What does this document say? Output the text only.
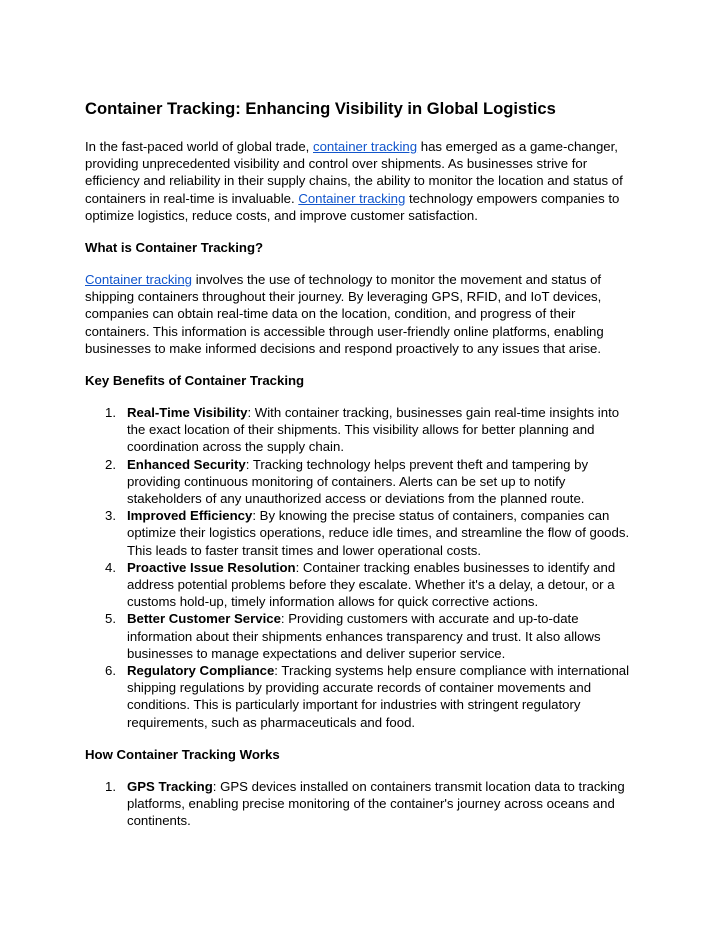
Container Tracking: Enhancing Visibility in Global Logistics

In the fast-paced world of global trade, container tracking has emerged as a game-changer, providing unprecedented visibility and control over shipments. As businesses strive for efficiency and reliability in their supply chains, the ability to monitor the location and status of containers in real-time is invaluable. Container tracking technology empowers companies to optimize logistics, reduce costs, and improve customer satisfaction.

What is Container Tracking?

Container tracking involves the use of technology to monitor the movement and status of shipping containers throughout their journey. By leveraging GPS, RFID, and IoT devices, companies can obtain real-time data on the location, condition, and progress of their containers. This information is accessible through user-friendly online platforms, enabling businesses to make informed decisions and respond proactively to any issues that arise.

Key Benefits of Container Tracking
1. Real-Time Visibility: With container tracking, businesses gain real-time insights into the exact location of their shipments. This visibility allows for better planning and coordination across the supply chain.
2. Enhanced Security: Tracking technology helps prevent theft and tampering by providing continuous monitoring of containers. Alerts can be set up to notify stakeholders of any unauthorized access or deviations from the planned route.
3. Improved Efficiency: By knowing the precise status of containers, companies can optimize their logistics operations, reduce idle times, and streamline the flow of goods. This leads to faster transit times and lower operational costs.
4. Proactive Issue Resolution: Container tracking enables businesses to identify and address potential problems before they escalate. Whether it's a delay, a detour, or a customs hold-up, timely information allows for quick corrective actions.
5. Better Customer Service: Providing customers with accurate and up-to-date information about their shipments enhances transparency and trust. It also allows businesses to manage expectations and deliver superior service.
6. Regulatory Compliance: Tracking systems help ensure compliance with international shipping regulations by providing accurate records of container movements and conditions. This is particularly important for industries with stringent regulatory requirements, such as pharmaceuticals and food.
How Container Tracking Works
1. GPS Tracking: GPS devices installed on containers transmit location data to tracking platforms, enabling precise monitoring of the container's journey across oceans and continents.
